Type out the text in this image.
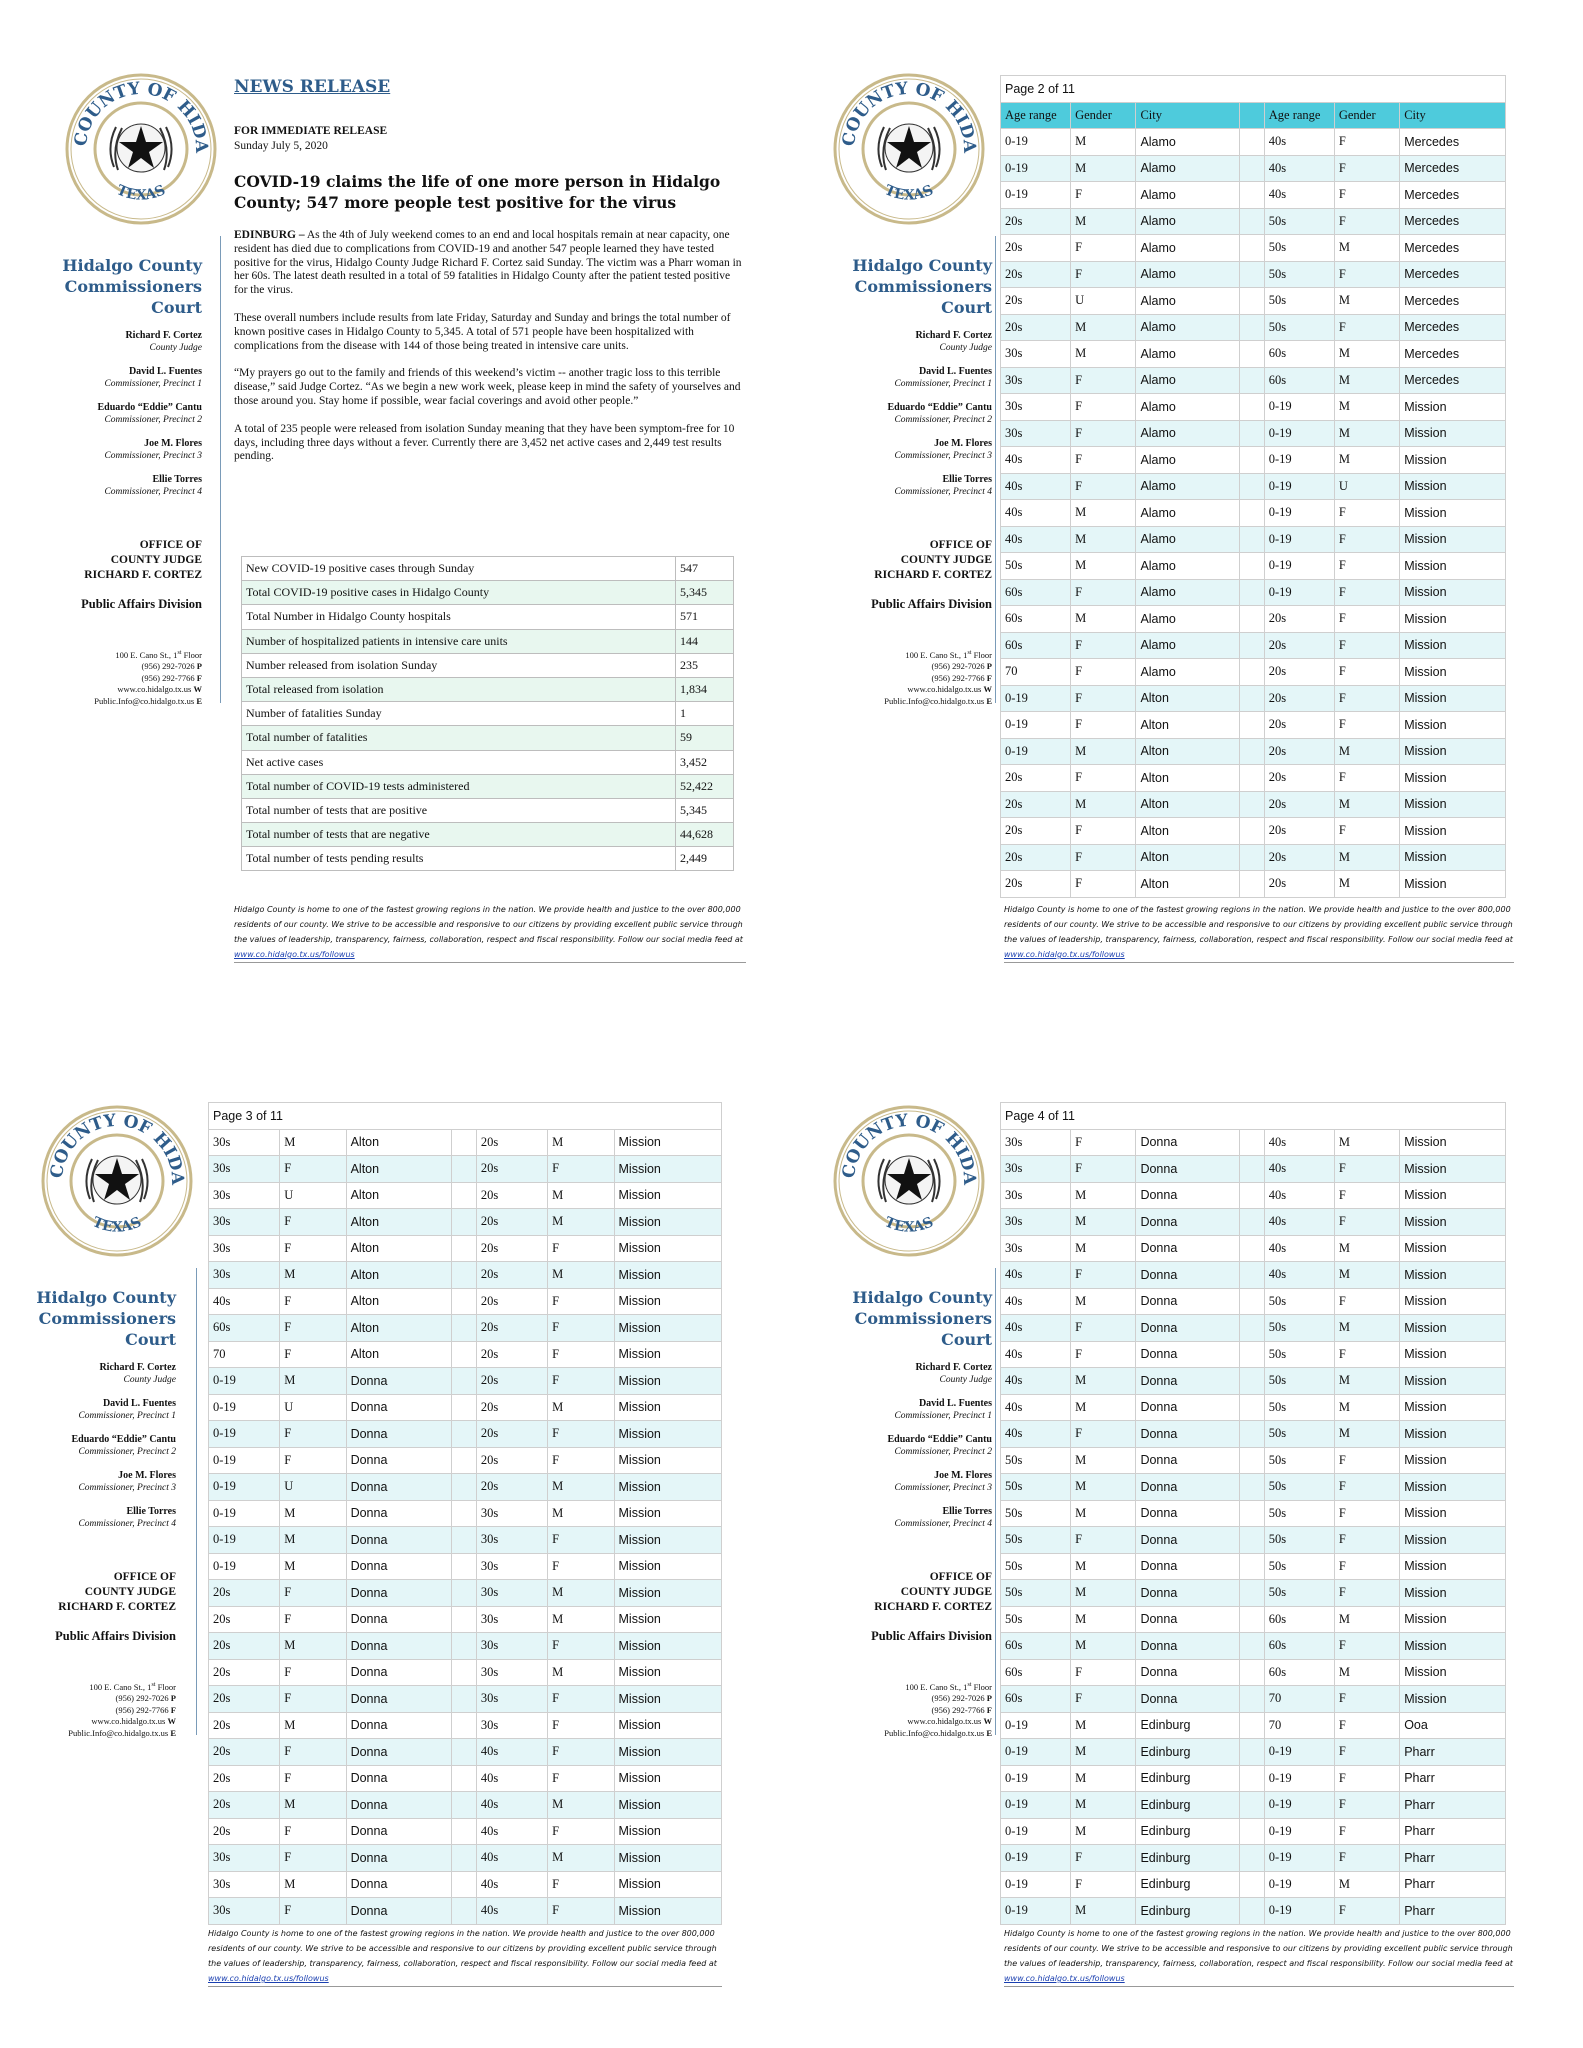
COUNTY OF HIDA
TEXAS
Hidalgo County
Commissioners
Court
Richard F. Cortez
County Judge
David L. Fuentes
Commissioner, Precinct 1
Eduardo “Eddie” Cantu
Commissioner, Precinct 2
Joe M. Flores
Commissioner, Precinct 3
Ellie Torres
Commissioner, Precinct 4
OFFICE OF
COUNTY JUDGE
RICHARD F. CORTEZ
Public Affairs Division
100 E. Cano St., 1st Floor
(956) 292-7026 P
(956) 292-7766 F
www.co.hidalgo.tx.us W
Public.Info@co.hidalgo.tx.us E
NEWS RELEASE
FOR IMMEDIATE RELEASE
Sunday July 5, 2020
COVID-19 claims the life of one more person in Hidalgo County; 547 more people test positive for the virus

EDINBURG – As the 4th of July weekend comes to an end and local hospitals remain at near capacity, one resident has died due to complications from COVID-19 and another 547 people learned they have tested positive for the virus, Hidalgo County Judge Richard F. Cortez said Sunday. The victim was a Pharr woman in her 60s. The latest death resulted in a total of 59 fatalities in Hidalgo County after the patient tested positive for the virus.

These overall numbers include results from late Friday, Saturday and Sunday and brings the total number of known positive cases in Hidalgo County to 5,345. A total of 571 people have been hospitalized with complications from the disease with 144 of those being treated in intensive care units.

“My prayers go out to the family and friends of this weekend’s victim -- another tragic loss to this terrible disease,” said Judge Cortez. “As we begin a new work week, please keep in mind the safety of yourselves and those around you. Stay home if possible, wear facial coverings and avoid other people.”

A total of 235 people were released from isolation Sunday meaning that they have been symptom-free for 10 days, including three days without a fever. Currently there are 3,452 net active cases and 2,449 test results pending.

New COVID-19 positive cases through Sunday	547
Total COVID-19 positive cases in Hidalgo County	5,345
Total Number in Hidalgo County hospitals	571
Number of hospitalized patients in intensive care units	144
Number released from isolation Sunday	235
Total released from isolation	1,834
Number of fatalities Sunday	1
Total number of fatalities	59
Net active cases	3,452
Total number of COVID-19 tests administered	52,422
Total number of tests that are positive	5,345
Total number of tests that are negative	44,628
Total number of tests pending results	2,449
Hidalgo County is home to one of the fastest growing regions in the nation. We provide health and justice to the over 800,000 residents of our county. We strive to be accessible and responsive to our citizens by providing excellent public service through the values of leadership, transparency, fairness, collaboration, respect and fiscal responsibility. Follow our social media feed at www.co.hidalgo.tx.us/followus
COUNTY OF HIDA
TEXAS
Hidalgo County
Commissioners
Court
Richard F. Cortez
County Judge
David L. Fuentes
Commissioner, Precinct 1
Eduardo “Eddie” Cantu
Commissioner, Precinct 2
Joe M. Flores
Commissioner, Precinct 3
Ellie Torres
Commissioner, Precinct 4
OFFICE OF
COUNTY JUDGE
RICHARD F. CORTEZ
Public Affairs Division
100 E. Cano St., 1st Floor
(956) 292-7026 P
(956) 292-7766 F
www.co.hidalgo.tx.us W
Public.Info@co.hidalgo.tx.us E
Page 2 of 11						
Age range	Gender	City		Age range	Gender	City
0-19	M	Alamo		40s	F	Mercedes
0-19	M	Alamo		40s	F	Mercedes
0-19	F	Alamo		40s	F	Mercedes
20s	M	Alamo		50s	F	Mercedes
20s	F	Alamo		50s	M	Mercedes
20s	F	Alamo		50s	F	Mercedes
20s	U	Alamo		50s	M	Mercedes
20s	M	Alamo		50s	F	Mercedes
30s	M	Alamo		60s	M	Mercedes
30s	F	Alamo		60s	M	Mercedes
30s	F	Alamo		0-19	M	Mission
30s	F	Alamo		0-19	M	Mission
40s	F	Alamo		0-19	M	Mission
40s	F	Alamo		0-19	U	Mission
40s	M	Alamo		0-19	F	Mission
40s	M	Alamo		0-19	F	Mission
50s	M	Alamo		0-19	F	Mission
60s	F	Alamo		0-19	F	Mission
60s	M	Alamo		20s	F	Mission
60s	F	Alamo		20s	F	Mission
70	F	Alamo		20s	F	Mission
0-19	F	Alton		20s	F	Mission
0-19	F	Alton		20s	F	Mission
0-19	M	Alton		20s	M	Mission
20s	F	Alton		20s	F	Mission
20s	M	Alton		20s	M	Mission
20s	F	Alton		20s	F	Mission
20s	F	Alton		20s	M	Mission
20s	F	Alton		20s	M	Mission
Hidalgo County is home to one of the fastest growing regions in the nation. We provide health and justice to the over 800,000 residents of our county. We strive to be accessible and responsive to our citizens by providing excellent public service through the values of leadership, transparency, fairness, collaboration, respect and fiscal responsibility. Follow our social media feed at www.co.hidalgo.tx.us/followus
COUNTY OF HIDA
TEXAS
Hidalgo County
Commissioners
Court
Richard F. Cortez
County Judge
David L. Fuentes
Commissioner, Precinct 1
Eduardo “Eddie” Cantu
Commissioner, Precinct 2
Joe M. Flores
Commissioner, Precinct 3
Ellie Torres
Commissioner, Precinct 4
OFFICE OF
COUNTY JUDGE
RICHARD F. CORTEZ
Public Affairs Division
100 E. Cano St., 1st Floor
(956) 292-7026 P
(956) 292-7766 F
www.co.hidalgo.tx.us W
Public.Info@co.hidalgo.tx.us E
Page 3 of 11						
30s	M	Alton		20s	M	Mission
30s	F	Alton		20s	F	Mission
30s	U	Alton		20s	M	Mission
30s	F	Alton		20s	M	Mission
30s	F	Alton		20s	F	Mission
30s	M	Alton		20s	M	Mission
40s	F	Alton		20s	F	Mission
60s	F	Alton		20s	F	Mission
70	F	Alton		20s	F	Mission
0-19	M	Donna		20s	F	Mission
0-19	U	Donna		20s	M	Mission
0-19	F	Donna		20s	F	Mission
0-19	F	Donna		20s	F	Mission
0-19	U	Donna		20s	M	Mission
0-19	M	Donna		30s	M	Mission
0-19	M	Donna		30s	F	Mission
0-19	M	Donna		30s	F	Mission
20s	F	Donna		30s	M	Mission
20s	F	Donna		30s	M	Mission
20s	M	Donna		30s	F	Mission
20s	F	Donna		30s	M	Mission
20s	F	Donna		30s	F	Mission
20s	M	Donna		30s	F	Mission
20s	F	Donna		40s	F	Mission
20s	F	Donna		40s	F	Mission
20s	M	Donna		40s	M	Mission
20s	F	Donna		40s	F	Mission
30s	F	Donna		40s	M	Mission
30s	M	Donna		40s	F	Mission
30s	F	Donna		40s	F	Mission
Hidalgo County is home to one of the fastest growing regions in the nation. We provide health and justice to the over 800,000 residents of our county. We strive to be accessible and responsive to our citizens by providing excellent public service through the values of leadership, transparency, fairness, collaboration, respect and fiscal responsibility. Follow our social media feed at www.co.hidalgo.tx.us/followus
COUNTY OF HIDA
TEXAS
Hidalgo County
Commissioners
Court
Richard F. Cortez
County Judge
David L. Fuentes
Commissioner, Precinct 1
Eduardo “Eddie” Cantu
Commissioner, Precinct 2
Joe M. Flores
Commissioner, Precinct 3
Ellie Torres
Commissioner, Precinct 4
OFFICE OF
COUNTY JUDGE
RICHARD F. CORTEZ
Public Affairs Division
100 E. Cano St., 1st Floor
(956) 292-7026 P
(956) 292-7766 F
www.co.hidalgo.tx.us W
Public.Info@co.hidalgo.tx.us E
Page 4 of 11						
30s	F	Donna		40s	M	Mission
30s	F	Donna		40s	F	Mission
30s	M	Donna		40s	F	Mission
30s	M	Donna		40s	F	Mission
30s	M	Donna		40s	M	Mission
40s	F	Donna		40s	M	Mission
40s	M	Donna		50s	F	Mission
40s	F	Donna		50s	M	Mission
40s	F	Donna		50s	F	Mission
40s	M	Donna		50s	M	Mission
40s	M	Donna		50s	M	Mission
40s	F	Donna		50s	M	Mission
50s	M	Donna		50s	F	Mission
50s	M	Donna		50s	F	Mission
50s	M	Donna		50s	F	Mission
50s	F	Donna		50s	F	Mission
50s	M	Donna		50s	F	Mission
50s	M	Donna		50s	F	Mission
50s	M	Donna		60s	M	Mission
60s	M	Donna		60s	F	Mission
60s	F	Donna		60s	M	Mission
60s	F	Donna		70	F	Mission
0-19	M	Edinburg		70	F	Ooa
0-19	M	Edinburg		0-19	F	Pharr
0-19	M	Edinburg		0-19	F	Pharr
0-19	M	Edinburg		0-19	F	Pharr
0-19	M	Edinburg		0-19	F	Pharr
0-19	F	Edinburg		0-19	F	Pharr
0-19	F	Edinburg		0-19	M	Pharr
0-19	M	Edinburg		0-19	F	Pharr
Hidalgo County is home to one of the fastest growing regions in the nation. We provide health and justice to the over 800,000 residents of our county. We strive to be accessible and responsive to our citizens by providing excellent public service through the values of leadership, transparency, fairness, collaboration, respect and fiscal responsibility. Follow our social media feed at www.co.hidalgo.tx.us/followus
